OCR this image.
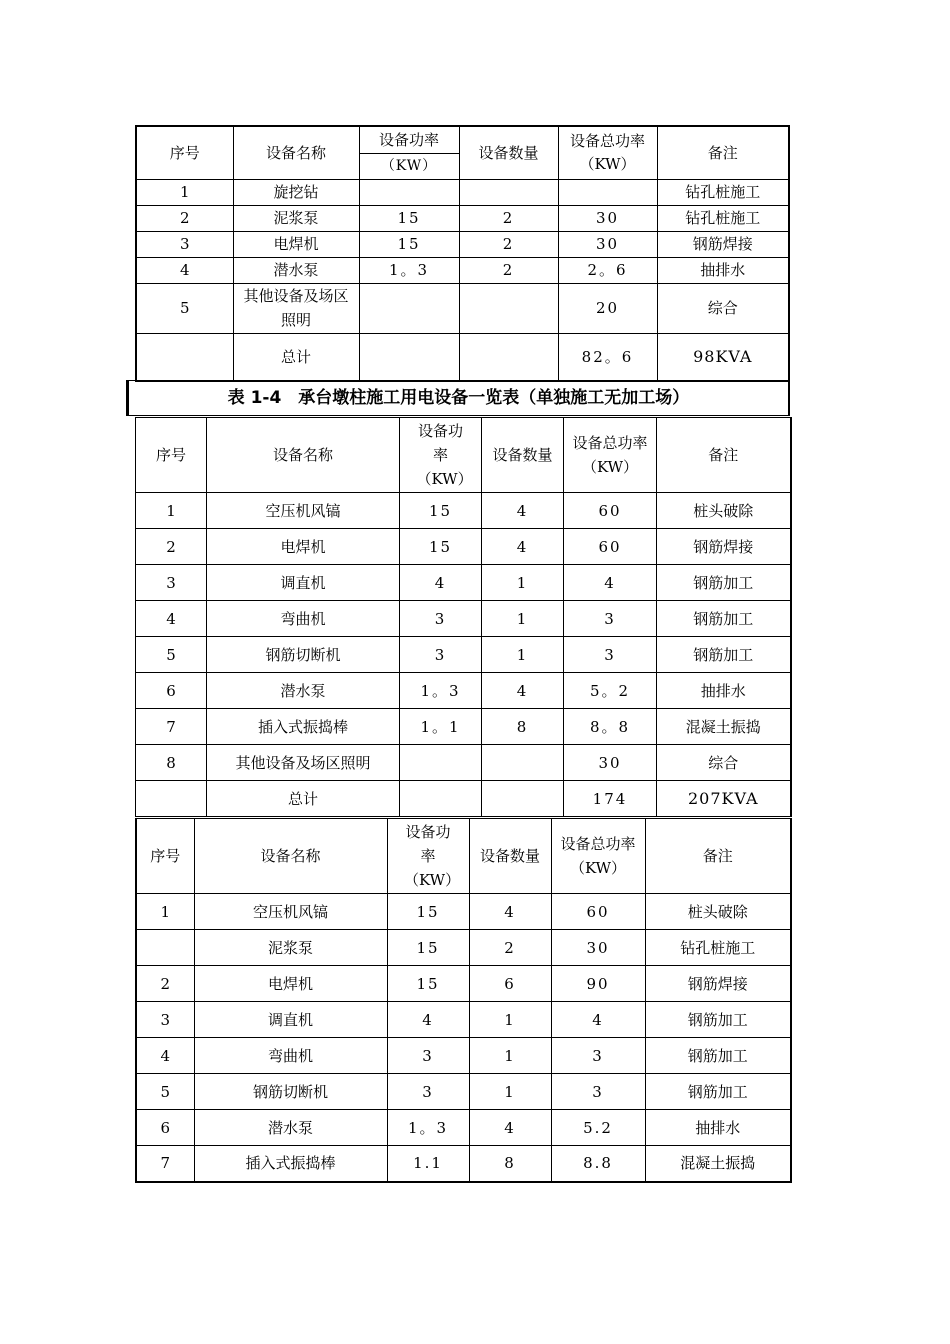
序号	设备名称	设备功率	设备数量	设备总功率（KW）	备注

		（KW）			

1	旋挖钻				钻孔桩施工
2	泥浆泵	15	2	30	钻孔桩施工
3	电焊机	15	2	30	钢筋焊接
4	潜水泵	1。3	2	2。6	抽排水
5	其他设备及场区照明			20	综合
	总计			82。6	98KVA
表 1-4　承台墩柱施工用电设备一览表（单独施工无加工场）
序号	设备名称	设备功率（KW）	设备数量	设备总功率（KW）	备注
1	空压机风镐	15	4	60	桩头破除
2	电焊机	15	4	60	钢筋焊接
3	调直机	4	1	4	钢筋加工
4	弯曲机	3	1	3	钢筋加工
5	钢筋切断机	3	1	3	钢筋加工
6	潜水泵	1。3	4	5。2	抽排水
7	插入式振捣棒	1。1	8	8。8	混凝土振捣
8	其他设备及场区照明			30	综合
	总计			174	207KVA
序号	设备名称	设备功率（KW）	设备数量	设备总功率（KW）	备注
1	空压机风镐	15	4	60	桩头破除
	泥浆泵	15	2	30	钻孔桩施工
2	电焊机	15	6	90	钢筋焊接
3	调直机	4	1	4	钢筋加工
4	弯曲机	3	1	3	钢筋加工
5	钢筋切断机	3	1	3	钢筋加工
6	潜水泵	1。3	4	5.2	抽排水
7	插入式振捣棒	1.1	8	8.8	混凝土振捣
